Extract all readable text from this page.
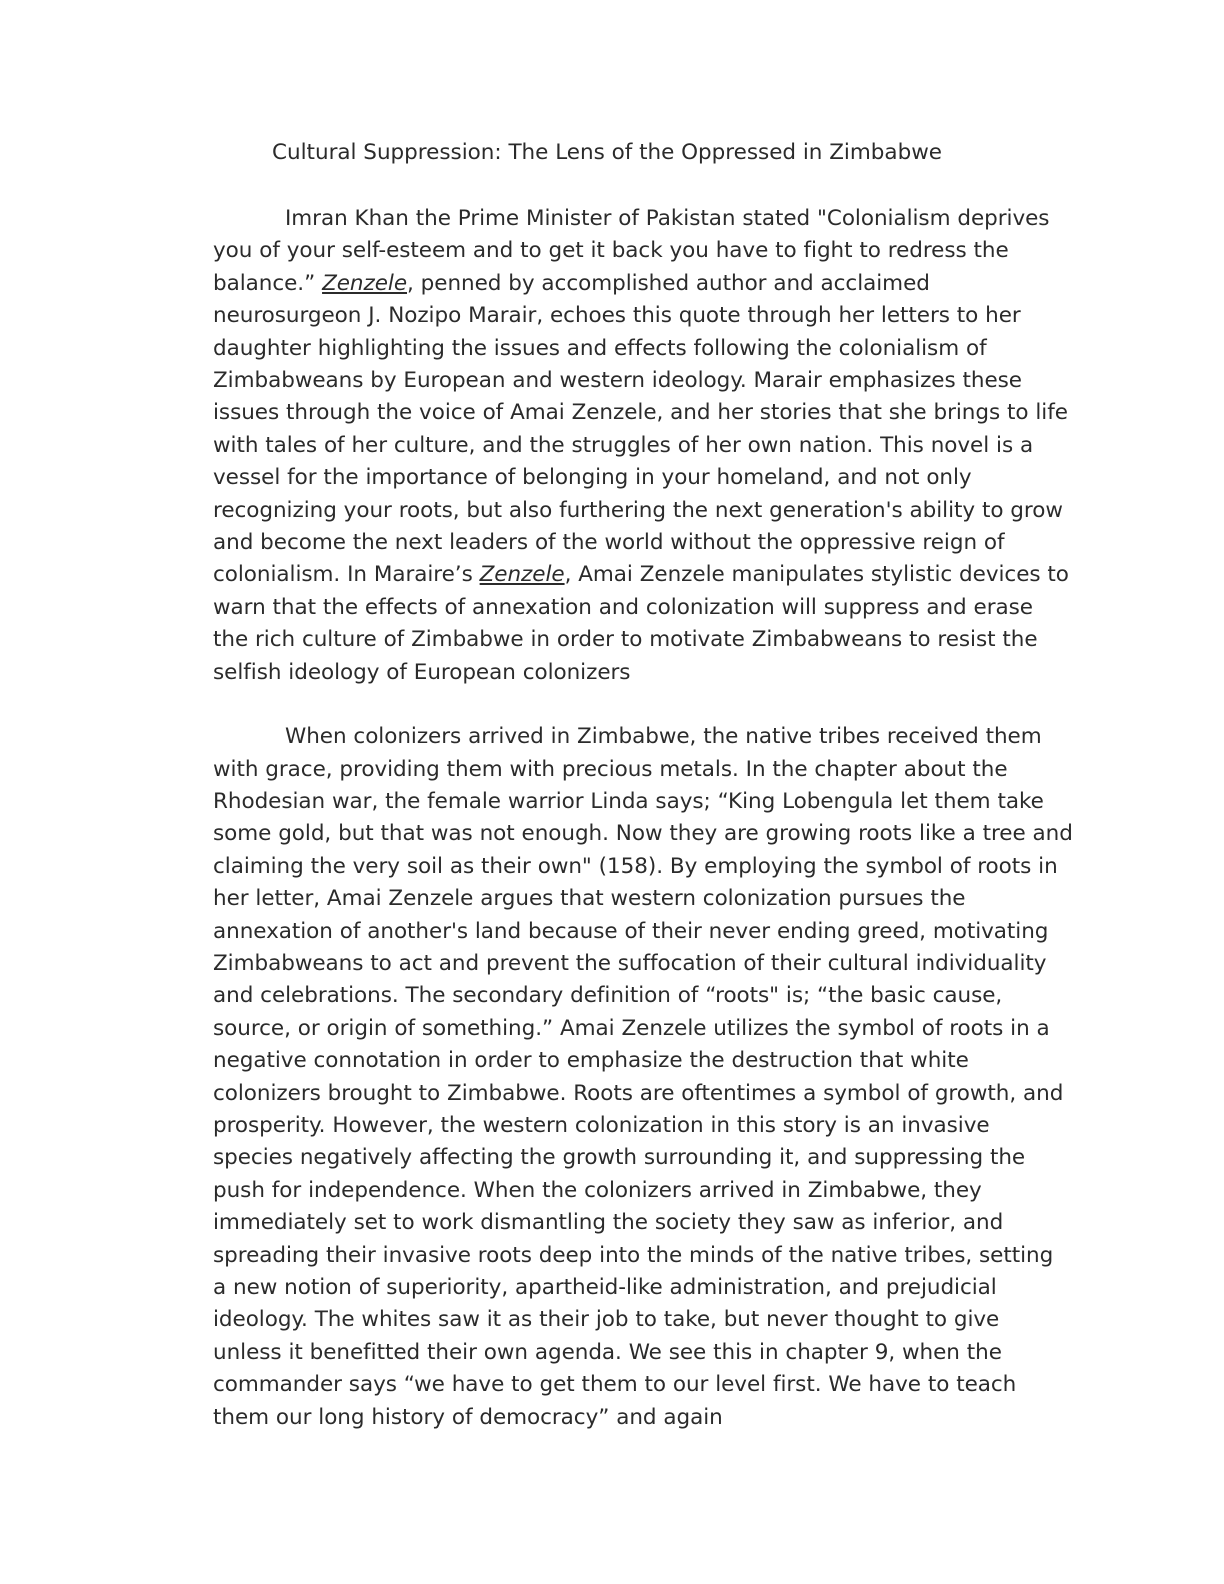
Cultural Suppression: The Lens of the Oppressed in Zimbabwe

Imran Khan the Prime Minister of Pakistan stated "Colonialism deprives you of your self-esteem and to get it back you have to fight to redress the balance.” Zenzele, penned by accomplished author and acclaimed neurosurgeon J. Nozipo Marair, echoes this quote through her letters to her daughter highlighting the issues and effects following the colonialism of Zimbabweans by European and western ideology. Marair emphasizes these issues through the voice of Amai Zenzele, and her stories that she brings to life with tales of her culture, and the struggles of her own nation. This novel is a vessel for the importance of belonging in your homeland, and not only recognizing your roots, but also furthering the next generation's ability to grow and become the next leaders of the world without the oppressive reign of colonialism. In Maraire’s Zenzele, Amai Zenzele manipulates stylistic devices to warn that the effects of annexation and colonization will suppress and erase the rich culture of Zimbabwe in order to motivate Zimbabweans to resist the selfish ideology of European colonizers

When colonizers arrived in Zimbabwe, the native tribes received them with grace, providing them with precious metals. In the chapter about the Rhodesian war, the female warrior Linda says; “King Lobengula let them take some gold, but that was not enough. Now they are growing roots like a tree and claiming the very soil as their own" (158). By employing the symbol of roots in her letter, Amai Zenzele argues that western colonization pursues the annexation of another's land because of their never ending greed, motivating Zimbabweans to act and prevent the suffocation of their cultural individuality and celebrations. The secondary definition of “roots" is; “the basic cause, source, or origin of something.” Amai Zenzele utilizes the symbol of roots in a negative connotation in order to emphasize the destruction that white colonizers brought to Zimbabwe. Roots are oftentimes a symbol of growth, and prosperity. However, the western colonization in this story is an invasive species negatively affecting the growth surrounding it, and suppressing the push for independence. When the colonizers arrived in Zimbabwe, they immediately set to work dismantling the society they saw as inferior, and spreading their invasive roots deep into the minds of the native tribes, setting a new notion of superiority, apartheid-like administration, and prejudicial ideology. The whites saw it as their job to take, but never thought to give unless it benefitted their own agenda. We see this in chapter 9, when the commander says “we have to get them to our level first. We have to teach them our long history of democracy” and again
